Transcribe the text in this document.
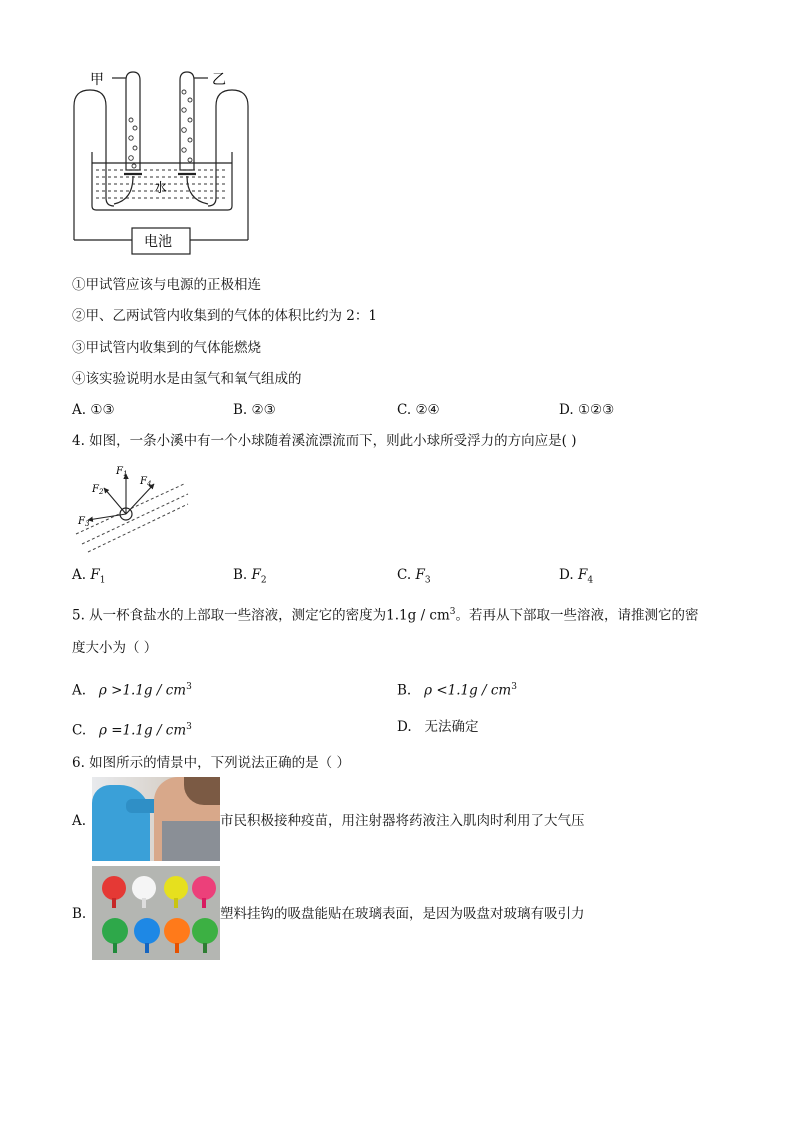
甲	乙
水
电池
①甲试管应该与电源的正极相连
②甲、乙两试管内收集到的气体的体积比约为 2：1
③甲试管内收集到的气体能燃烧
④该实验说明水是由氢气和氧气组成的
A. ①③	B. ②③	C. ②④	D. ①②③
4. 如图，一条小溪中有一个小球随着溪流漂流而下，则此小球所受浮力的方向应是( )
$F_1$
$F_2$
$F_4$
$F_3$
A. $F_1$	B. $F_2$	C. $F_3$	D. $F_4$
5. 从一杯食盐水的上部取一些溶液，测定它的密度为$1.1g / cm^3$。若再从下部取一些溶液，请推测它的密
度大小为（ ）
A. $\rho >1.1g / cm^3$	B. $\rho <1.1g / cm^3$
C. $\rho =1.1g / cm^3$	D. 无法确定
6. 如图所示的情景中，下列说法正确的是（ ）
A.	市民积极接种疫苗，用注射器将药液注入肌肉时利用了大气压
B.	塑料挂钩的吸盘能贴在玻璃表面，是因为吸盘对玻璃有吸引力
